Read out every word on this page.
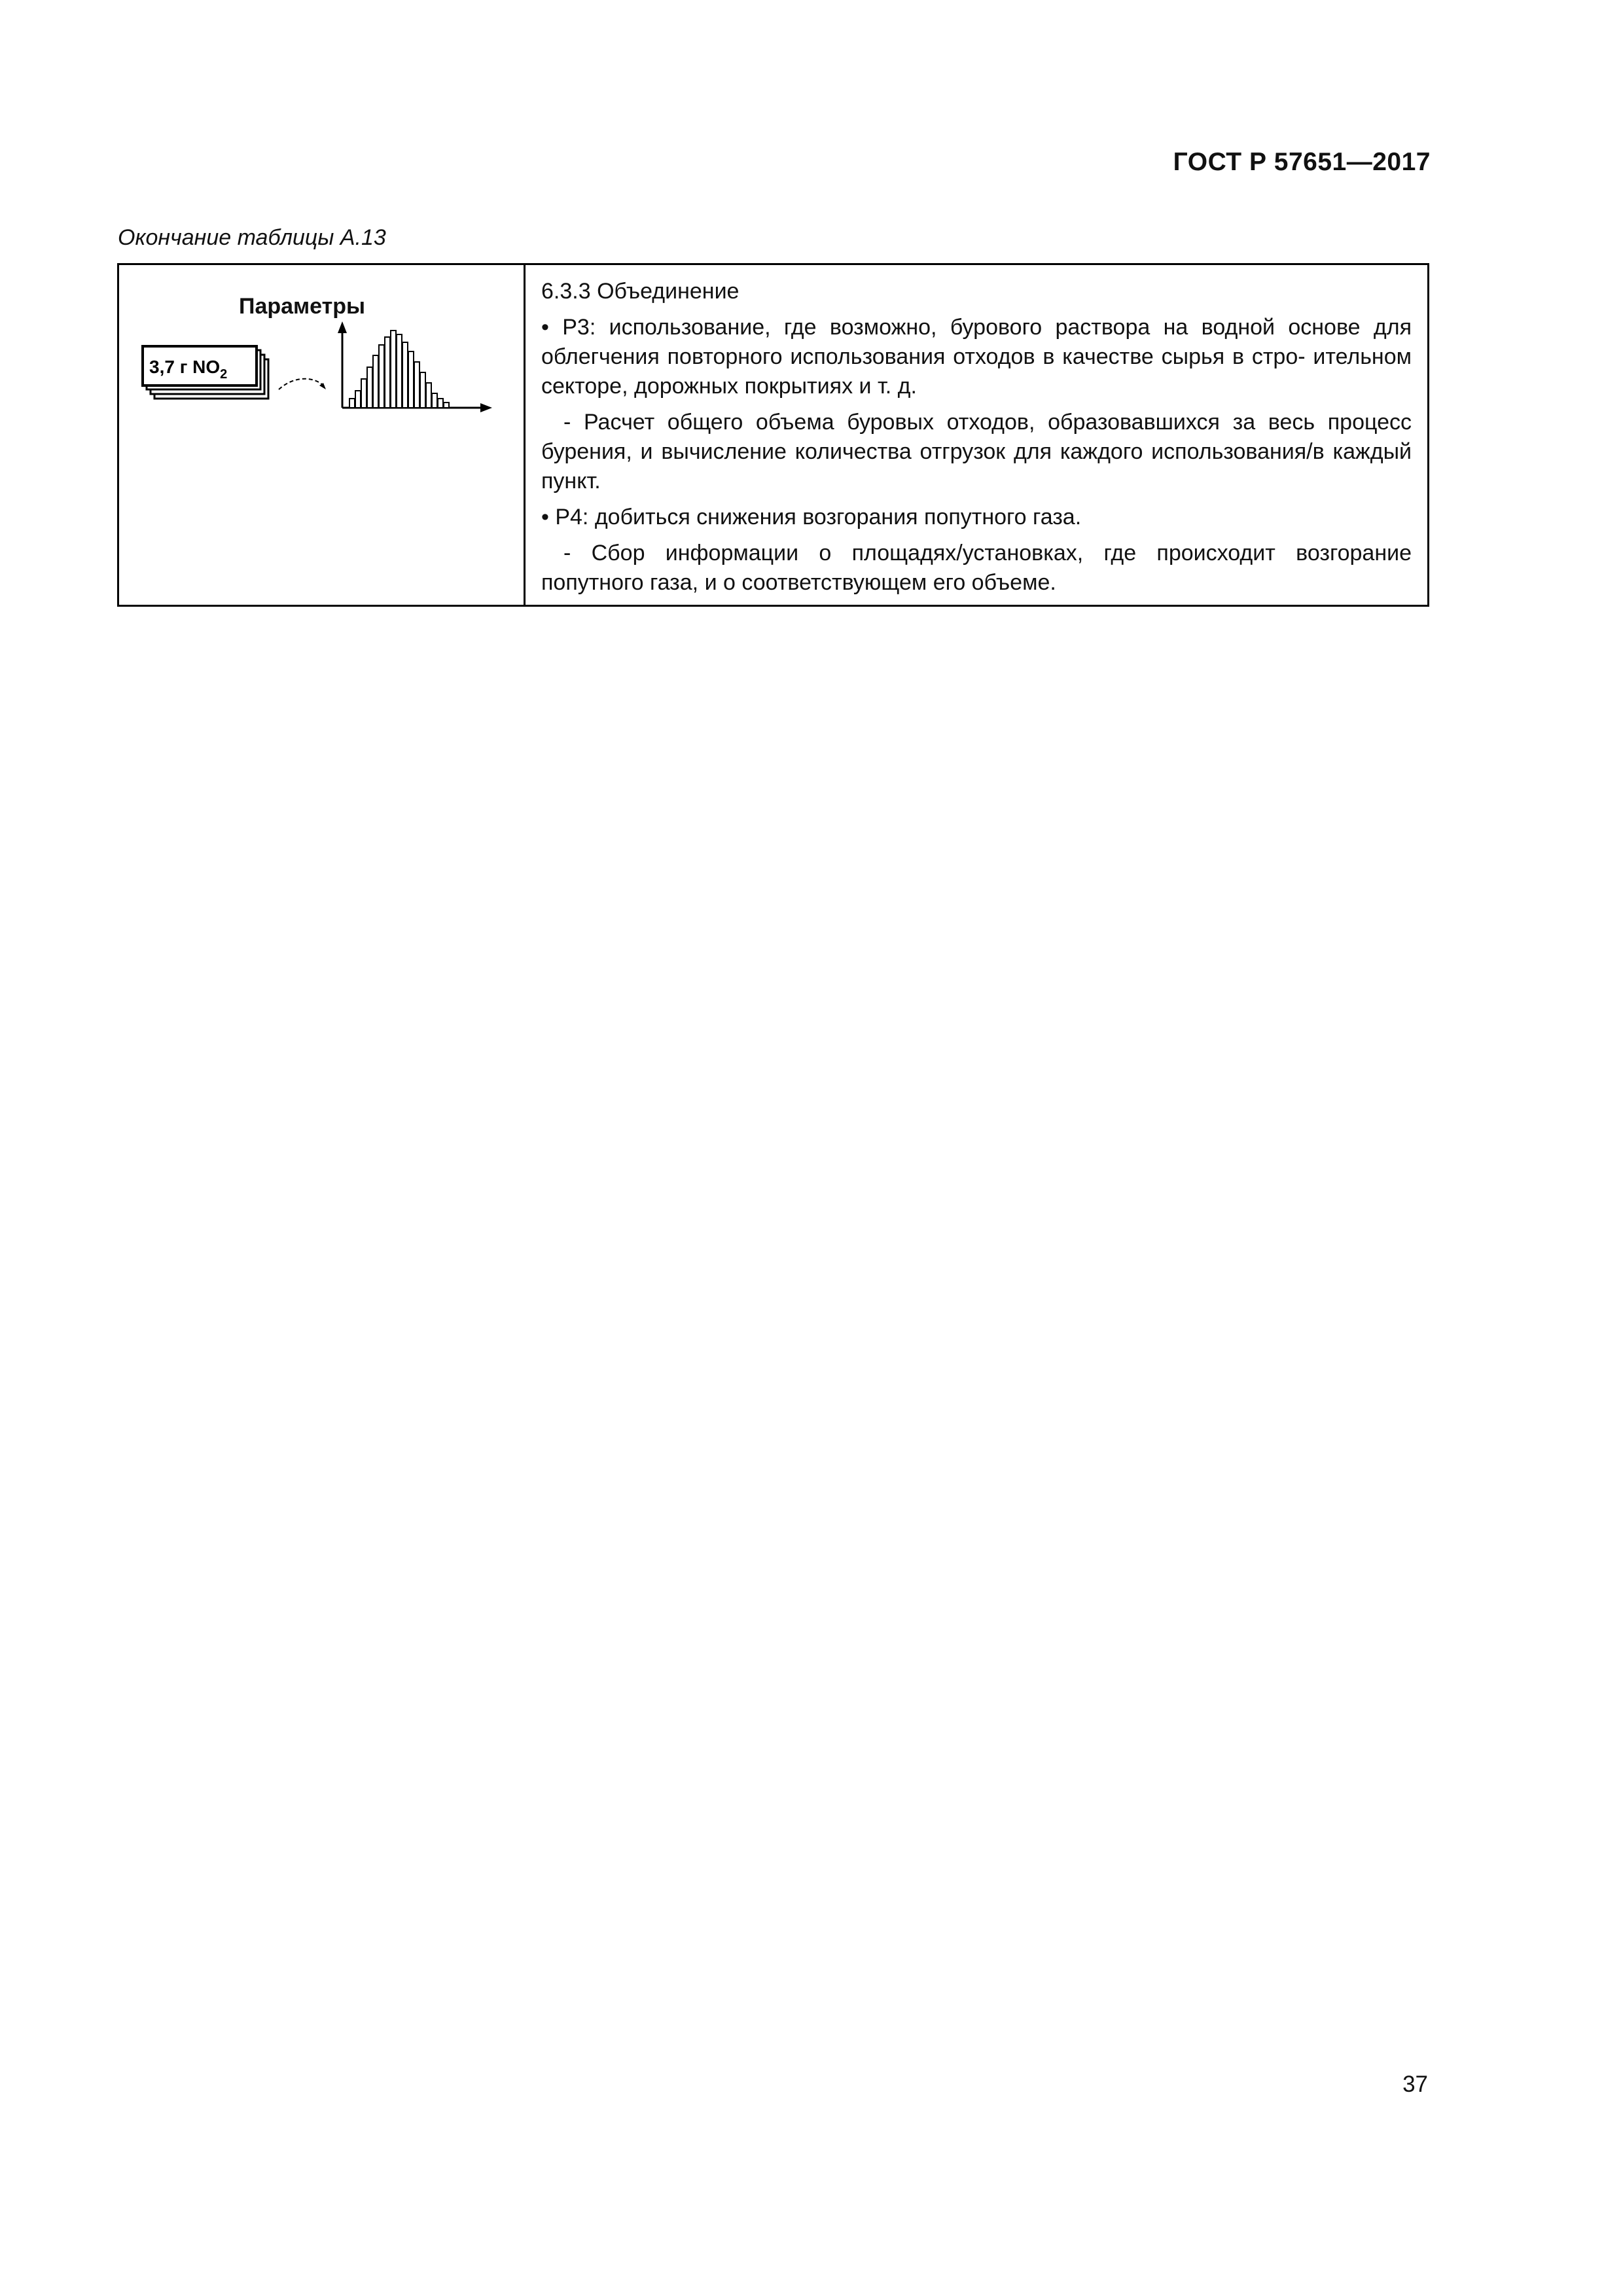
ГОСТ Р 57651—2017
Окончание таблицы А.13
Параметры
3,7 г $NO_2$

6.3.3 Объединение

• Р3: использование, где возможно, бурового раствора на водной основе для облегчения повторного использования отходов в качестве сырья в стро- ительном секторе, дорожных покрытиях и т. д.

- Расчет общего объема буровых отходов, образовавшихся за весь процесс бурения, и вычисление количества отгрузок для каждого использования/в каждый пункт.

• Р4: добиться снижения возгорания попутного газа.

- Сбор информации о площадях/установках, где происходит возгорание попутного газа, и о соответствующем его объеме.

37
